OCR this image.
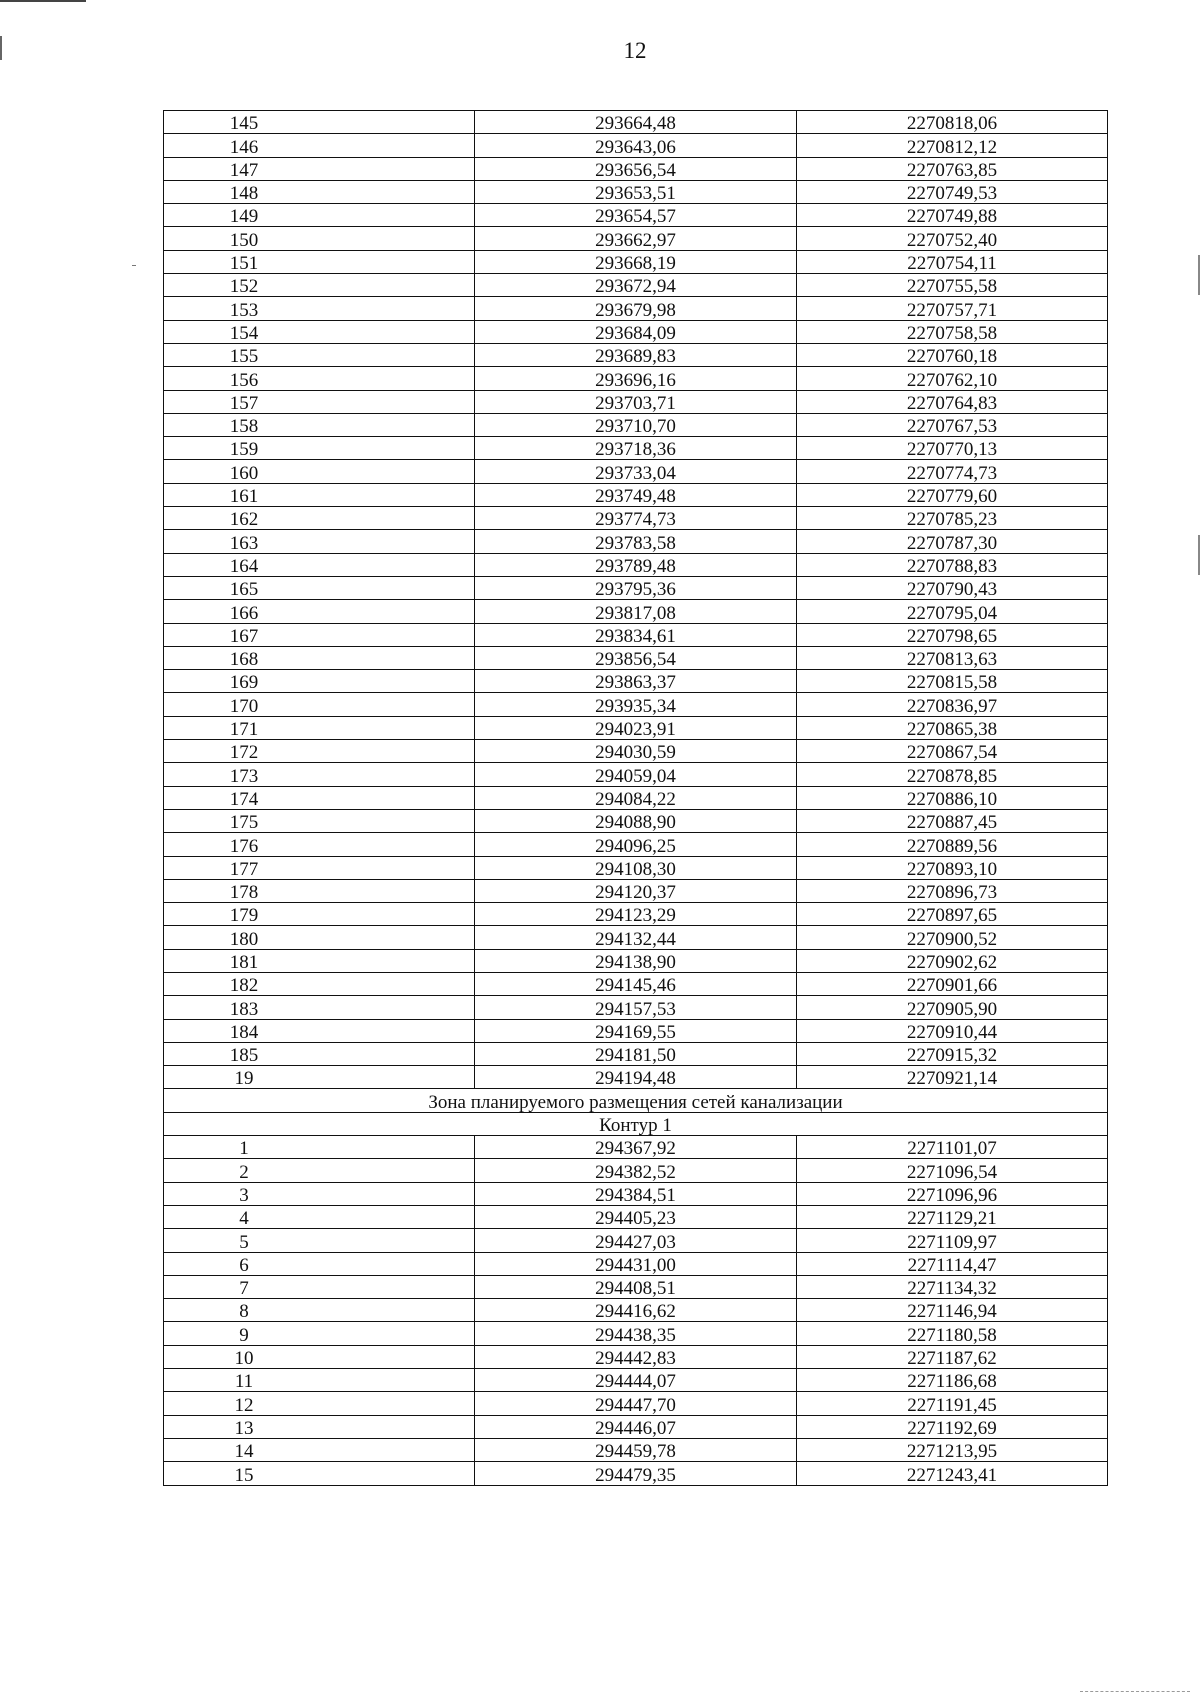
12
145	293664,48	2270818,06
146	293643,06	2270812,12
147	293656,54	2270763,85
148	293653,51	2270749,53
149	293654,57	2270749,88
150	293662,97	2270752,40
151	293668,19	2270754,11
152	293672,94	2270755,58
153	293679,98	2270757,71
154	293684,09	2270758,58
155	293689,83	2270760,18
156	293696,16	2270762,10
157	293703,71	2270764,83
158	293710,70	2270767,53
159	293718,36	2270770,13
160	293733,04	2270774,73
161	293749,48	2270779,60
162	293774,73	2270785,23
163	293783,58	2270787,30
164	293789,48	2270788,83
165	293795,36	2270790,43
166	293817,08	2270795,04
167	293834,61	2270798,65
168	293856,54	2270813,63
169	293863,37	2270815,58
170	293935,34	2270836,97
171	294023,91	2270865,38
172	294030,59	2270867,54
173	294059,04	2270878,85
174	294084,22	2270886,10
175	294088,90	2270887,45
176	294096,25	2270889,56
177	294108,30	2270893,10
178	294120,37	2270896,73
179	294123,29	2270897,65
180	294132,44	2270900,52
181	294138,90	2270902,62
182	294145,46	2270901,66
183	294157,53	2270905,90
184	294169,55	2270910,44
185	294181,50	2270915,32
19	294194,48	2270921,14
Зона планируемого размещения сетей канализации		
Контур 1		
1	294367,92	2271101,07
2	294382,52	2271096,54
3	294384,51	2271096,96
4	294405,23	2271129,21
5	294427,03	2271109,97
6	294431,00	2271114,47
7	294408,51	2271134,32
8	294416,62	2271146,94
9	294438,35	2271180,58
10	294442,83	2271187,62
11	294444,07	2271186,68
12	294447,70	2271191,45
13	294446,07	2271192,69
14	294459,78	2271213,95
15	294479,35	2271243,41
